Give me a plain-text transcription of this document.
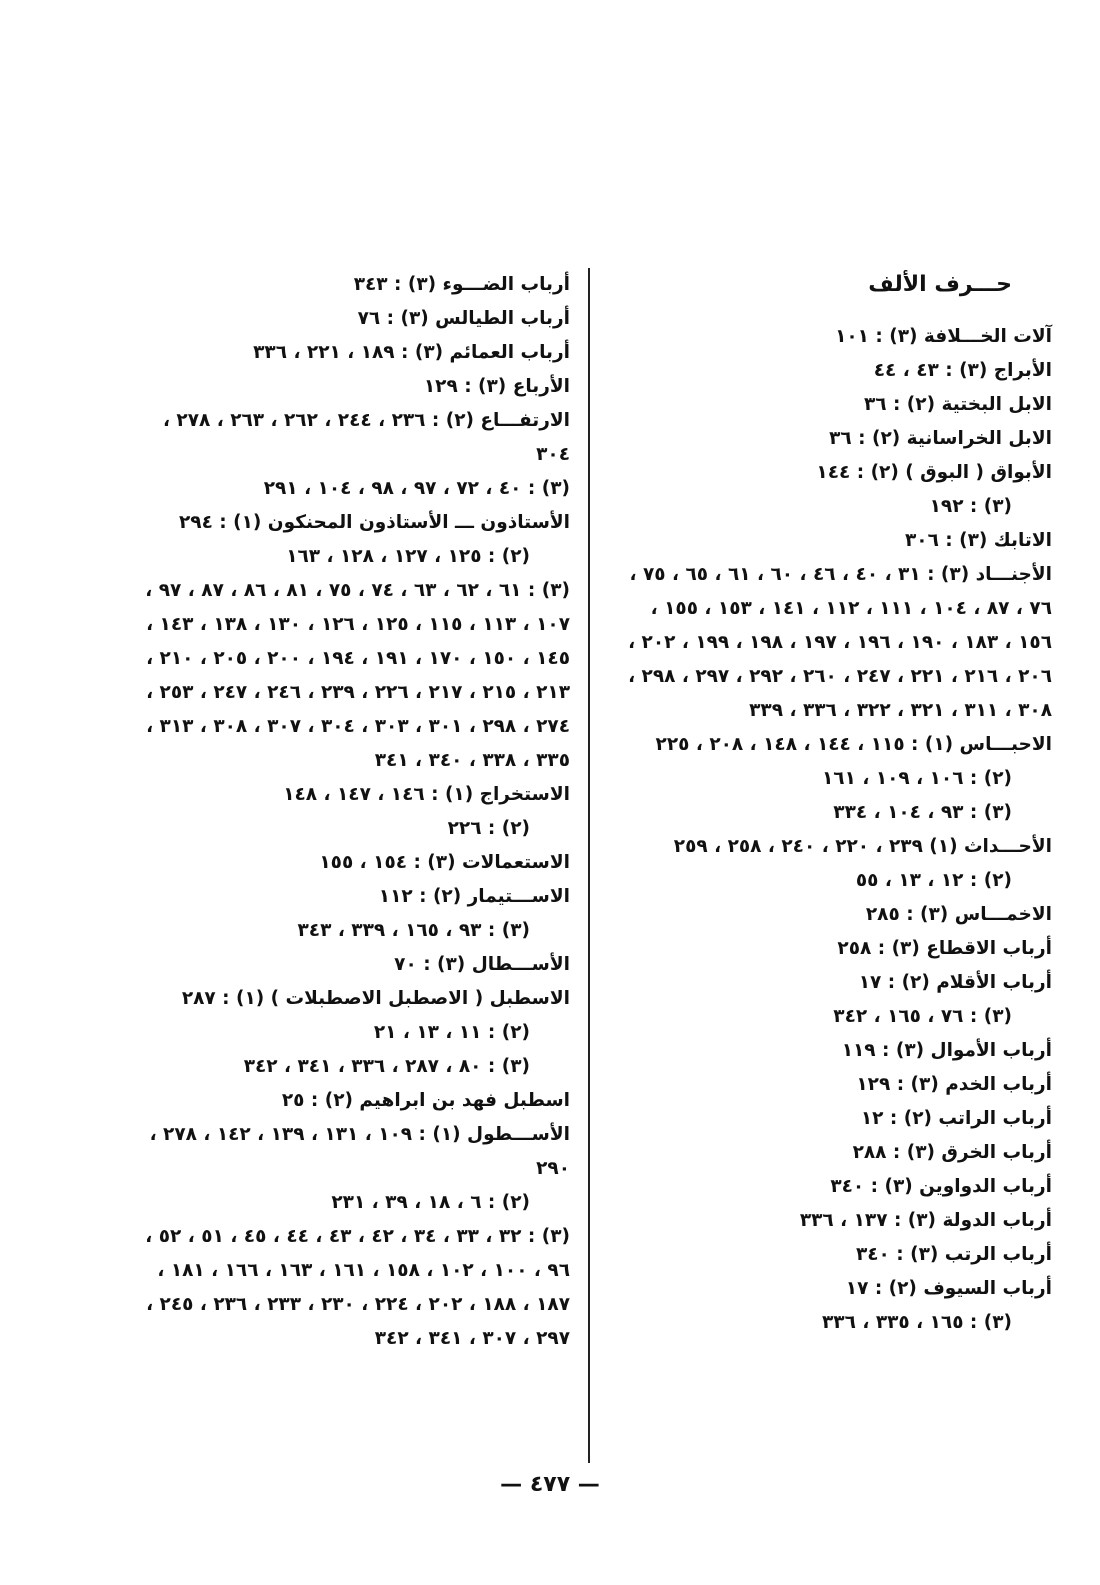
حـــرف الألف
آلات الخـــلافة (٣) : ١٠١
الأبراج (٣) : ٤٣ ، ٤٤
الابل البختية (٢) : ٣٦
الابل الخراسانية (٢) : ٣٦
الأبواق ( البوق ) (٢) : ١٤٤
(٣) : ١٩٢
الاتابك (٣) : ٣٠٦
الأجنـــاد (٣) : ٣١ ، ٤٠ ، ٤٦ ، ٦٠ ، ٦١ ، ٦٥ ، ٧٥ ، ٧٦ ، ٨٧ ، ١٠٤ ، ١١١ ، ١١٢ ، ١٤١ ، ١٥٣ ، ١٥٥ ، ١٥٦ ، ١٨٣ ، ١٩٠ ، ١٩٦ ، ١٩٧ ، ١٩٨ ، ١٩٩ ، ٢٠٢ ، ٢٠٦ ، ٢١٦ ، ٢٢١ ، ٢٤٧ ، ٢٦٠ ، ٢٩٢ ، ٢٩٧ ، ٢٩٨ ، ٣٠٨ ، ٣١١ ، ٣٢١ ، ٣٢٢ ، ٣٣٦ ، ٣٣٩
الاحبـــاس (١) : ١١٥ ، ١٤٤ ، ١٤٨ ، ٢٠٨ ، ٢٢٥
(٢) : ١٠٦ ، ١٠٩ ، ١٦١
(٣) : ٩٣ ، ١٠٤ ، ٣٣٤
الأحـــداث (١) ٢٣٩ ، ٢٢٠ ، ٢٤٠ ، ٢٥٨ ، ٢٥٩
(٢) : ١٢ ، ١٣ ، ٥٥
الاخمـــاس (٣) : ٢٨٥
أرباب الاقطاع (٣) : ٢٥٨
أرباب الأقلام (٢) : ١٧
(٣) : ٧٦ ، ١٦٥ ، ٣٤٢
أرباب الأموال (٣) : ١١٩
أرباب الخدم (٣) : ١٢٩
أرباب الراتب (٢) : ١٢
أرباب الخرق (٣) : ٢٨٨
أرباب الدواوين (٣) : ٣٤٠
أرباب الدولة (٣) : ١٣٧ ، ٣٣٦
أرباب الرتب (٣) : ٣٤٠
أرباب السيوف (٢) : ١٧
(٣) : ١٦٥ ، ٣٣٥ ، ٣٣٦
أرباب الضـــوء (٣) : ٣٤٣
أرباب الطيالس (٣) : ٧٦
أرباب العمائم (٣) : ١٨٩ ، ٢٢١ ، ٣٣٦
الأرباع (٣) : ١٢٩
الارتفـــاع (٢) : ٢٣٦ ، ٢٤٤ ، ٢٦٢ ، ٢٦٣ ، ٢٧٨ ، ٣٠٤
(٣) : ٤٠ ، ٧٢ ، ٩٧ ، ٩٨ ، ١٠٤ ، ٢٩١
الأستاذون ـــ الأستاذون المحنكون (١) : ٢٩٤
(٢) : ١٢٥ ، ١٢٧ ، ١٢٨ ، ١٦٣
(٣) : ٦١ ، ٦٢ ، ٦٣ ، ٧٤ ، ٧٥ ، ٨١ ، ٨٦ ، ٨٧ ، ٩٧ ، ١٠٧ ، ١١٣ ، ١١٥ ، ١٢٥ ، ١٢٦ ، ١٣٠ ، ١٣٨ ، ١٤٣ ، ١٤٥ ، ١٥٠ ، ١٧٠ ، ١٩١ ، ١٩٤ ، ٢٠٠ ، ٢٠٥ ، ٢١٠ ، ٢١٣ ، ٢١٥ ، ٢١٧ ، ٢٢٦ ، ٢٣٩ ، ٢٤٦ ، ٢٤٧ ، ٢٥٣ ، ٢٧٤ ، ٢٩٨ ، ٣٠١ ، ٣٠٣ ، ٣٠٤ ، ٣٠٧ ، ٣٠٨ ، ٣١٣ ، ٣٣٥ ، ٣٣٨ ، ٣٤٠ ، ٣٤١
الاستخراج (١) : ١٤٦ ، ١٤٧ ، ١٤٨
(٢) : ٢٢٦
الاستعمالات (٣) : ١٥٤ ، ١٥٥
الاســـتيمار (٢) : ١١٢
(٣) : ٩٣ ، ١٦٥ ، ٣٣٩ ، ٣٤٣
الأســـطال (٣) : ٧٠
الاسطبل ( الاصطبل الاصطبلات ) (١) : ٢٨٧
(٢) : ١١ ، ١٣ ، ٢١
(٣) : ٨٠ ، ٢٨٧ ، ٣٣٦ ، ٣٤١ ، ٣٤٢
اسطبل فهد بن ابراهيم (٢) : ٢٥
الأســـطول (١) : ١٠٩ ، ١٣١ ، ١٣٩ ، ١٤٢ ، ٢٧٨ ، ٢٩٠
(٢) : ٦ ، ١٨ ، ٣٩ ، ٢٣١
(٣) : ٣٢ ، ٣٣ ، ٣٤ ، ٤٢ ، ٤٣ ، ٤٤ ، ٤٥ ، ٥١ ، ٥٢ ، ٩٦ ، ١٠٠ ، ١٠٢ ، ١٥٨ ، ١٦١ ، ١٦٣ ، ١٦٦ ، ١٨١ ، ١٨٧ ، ١٨٨ ، ٢٠٢ ، ٢٢٤ ، ٢٣٠ ، ٢٣٣ ، ٢٣٦ ، ٢٤٥ ، ٢٩٧ ، ٣٠٧ ، ٣٤١ ، ٣٤٢
— ٤٧٧ —
